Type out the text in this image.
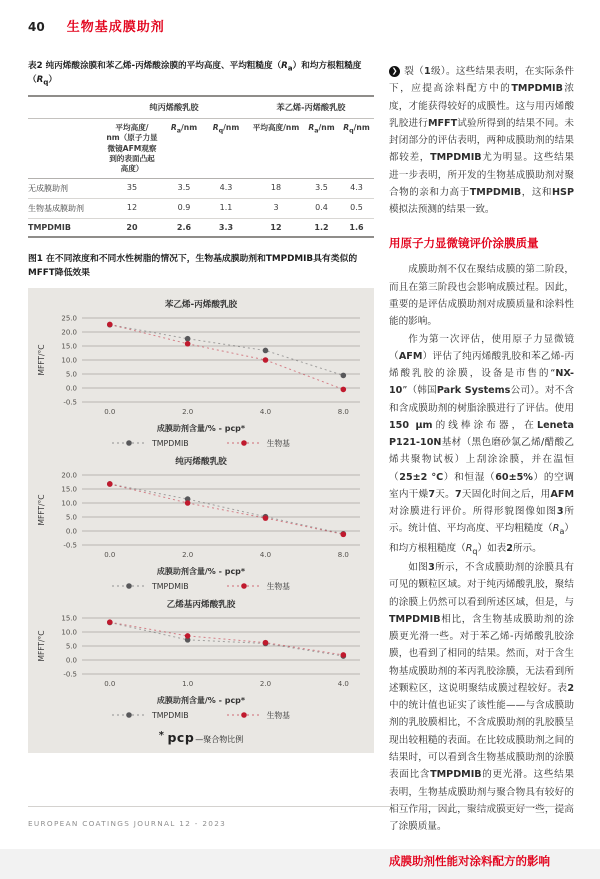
40 生物基成膜助剂

表2 纯丙烯酸涂膜和苯乙烯-丙烯酸涂膜的平均高度、平均粗糙度$(R_a)$和均方根粗糙度$(R_q)$

	纯丙烯酸乳胶			苯乙烯-丙烯酸乳胶		
	平均高度/
nm（原子力显
微镜AFM观察
到的表面凸起
高度）	$R_a/nm$	$R_q/nm$	平均高度/nm	$R_a/nm$	$R_q/nm$
无成膜助剂	35	3.5	4.3	18	3.5	4.3
生物基成膜助剂	12	0.9	1.1	3	0.4	0.5
TMPDMIB	20	2.6	3.3	12	1.2	1.6

图1 在不同浓度和不同水性树脂的情况下，生物基成膜助剂和TMPDMIB具有类似的MFFT降低效果

苯乙烯-丙烯酸乳胶
25.0
20.0
15.0
10.0
5.0
0.0
-0.5
MFFT/°C
0.0	2.0	4.0	8.0
成膜助剂含量/% - pcp*
TMPDMIB	生物基
纯丙烯酸乳胶
20.0
15.0
10.0
5.0
0.0
-0.5
MFFT/°C
0.0	2.0	4.0	8.0
成膜助剂含量/% - pcp*
TMPDMIB	生物基
乙烯基丙烯酸乳胶
15.0
10.0
5.0
0.0
-0.5
MFFT/°C
0.0	1.0	2.0	4.0
成膜助剂含量/% - pcp*
TMPDMIB	生物基
* pcp—聚合物比例

❯ 裂（1级）。这些结果表明，在实际条件下，应提高涂料配方中的TMPDMIB浓度，才能获得较好的成膜性。这与用丙烯酸乳胶进行MFFT试验所得到的结果不同。未封闭部分的评估表明，两种成膜助剂的结果都较差，TMPDMIB尤为明显。这些结果进一步表明，所开发的生物基成膜助剂对聚合物的亲和力高于TMPDMIB，这和HSP模拟法预测的结果一致。

用原子力显微镜评价涂膜质量

成膜助剂不仅在聚结成膜的第二阶段，而且在第三阶段也会影响成膜过程。因此，重要的是评估成膜助剂对成膜质量和涂料性能的影响。

作为第一次评估，使用原子力显微镜（AFM）评估了纯丙烯酸乳胶和苯乙烯-丙烯酸乳胶的涂膜，设备是市售的“NX-10”（韩国Park Systems公司）。对不含和含成膜助剂的树脂涂膜进行了评估。使用150 μm的线棒涂布器，在Leneta P121-10N基材（黑色磨砂氯乙烯/醋酸乙烯共聚物试板）上刮涂涂膜，并在温恒（25±2 °C）和恒湿（60±5%）的空调室内干燥7天。7天固化时间之后，用AFM对涂膜进行评价。所得形貌图像如图3所示。统计值、平均高度、平均粗糙度$(R_a)$和均方根粗糙度$(R_q)$如表2所示。

如图3所示，不含成膜助剂的涂膜具有可见的颗粒区域。对于纯丙烯酸乳胶，聚结的涂膜上仍然可以看到所述区域，但是，与TMPDMIB相比，含生物基成膜助剂的涂膜更光滑一些。对于苯乙烯-丙烯酸乳胶涂膜，也看到了相同的结果。然而，对于含生物基成膜助剂的苯丙乳胶涂膜，无法看到所述颗粒区，这说明聚结成膜过程较好。表2中的统计值也证实了该性能——与含成膜助剂的乳胶膜相比，不含成膜助剂的乳胶膜呈现出较粗糙的表面。在比较成膜助剂之间的结果时，可以看到含生物基成膜助剂的涂膜表面比含TMPDMIB的更光滑。这些结果表明，生物基成膜助剂与聚合物具有较好的相互作用，因此，聚结成膜更好一些，提高了涂膜质量。

成膜助剂性能对涂料配方的影响
EUROPEAN COATINGS JOURNAL 12 - 2023
